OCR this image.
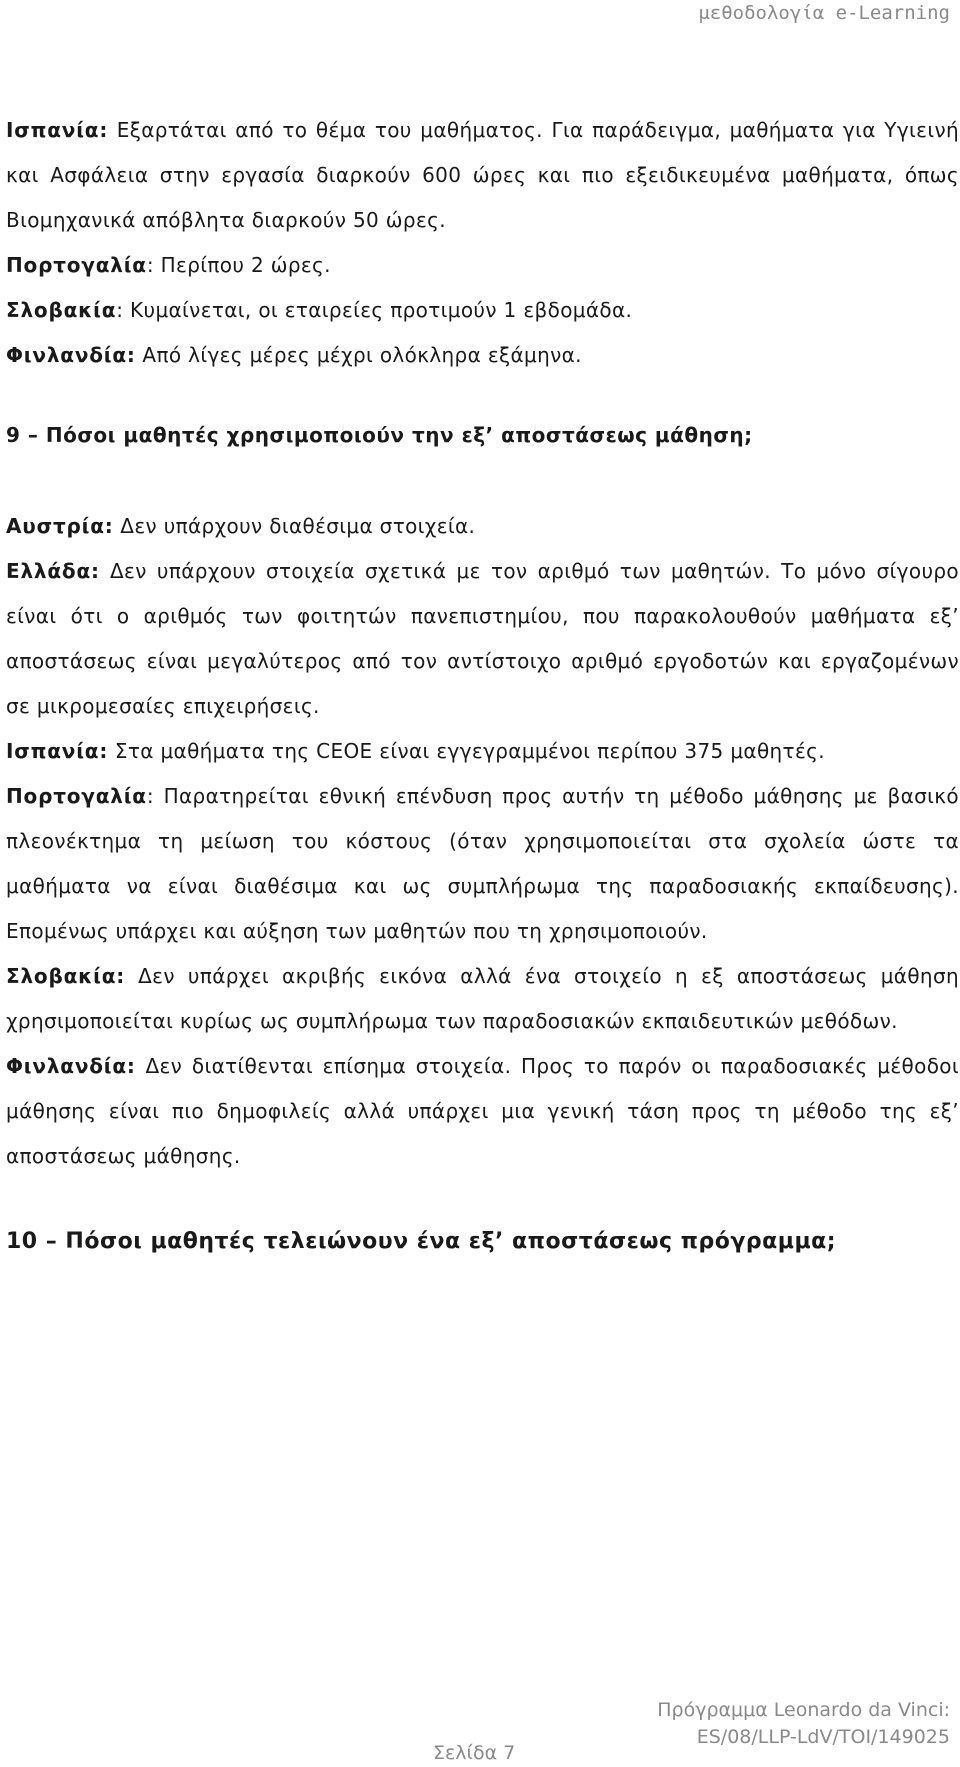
μεθοδολογία e-Learning

Ισπανία: Εξαρτάται από το θέμα του μαθήματος. Για παράδειγμα, μαθήματα για Υγιεινή και Ασφάλεια στην εργασία διαρκούν 600 ώρες και πιο εξειδικευμένα μαθήματα, όπως Βιομηχανικά απόβλητα διαρκούν 50 ώρες.

Πορτογαλία: Περίπου 2 ώρες.

Σλοβακία: Κυμαίνεται, οι εταιρείες προτιμούν 1 εβδομάδα.

Φινλανδία: Από λίγες μέρες μέχρι ολόκληρα εξάμηνα.

9 – Πόσοι μαθητές χρησιμοποιούν την εξ’ αποστάσεως μάθηση;

Αυστρία: Δεν υπάρχουν διαθέσιμα στοιχεία.

Ελλάδα: Δεν υπάρχουν στοιχεία σχετικά με τον αριθμό των μαθητών. Το μόνο σίγουρο είναι ότι ο αριθμός των φοιτητών πανεπιστημίου, που παρακολουθούν μαθήματα εξ’ αποστάσεως είναι μεγαλύτερος από τον αντίστοιχο αριθμό εργοδοτών και εργαζομένων σε μικρομεσαίες επιχειρήσεις.

Ισπανία: Στα μαθήματα της CEOE είναι εγγεγραμμένοι περίπου 375 μαθητές.

Πορτογαλία: Παρατηρείται εθνική επένδυση προς αυτήν τη μέθοδο μάθησης με βασικό πλεονέκτημα τη μείωση του κόστους (όταν χρησιμοποιείται στα σχολεία ώστε τα μαθήματα να είναι διαθέσιμα και ως συμπλήρωμα της παραδοσιακής εκπαίδευσης). Επομένως υπάρχει και αύξηση των μαθητών που τη χρησιμοποιούν.

Σλοβακία: Δεν υπάρχει ακριβής εικόνα αλλά ένα στοιχείο η εξ αποστάσεως μάθηση χρησιμοποιείται κυρίως ως συμπλήρωμα των παραδοσιακών εκπαιδευτικών μεθόδων.

Φινλανδία: Δεν διατίθενται επίσημα στοιχεία. Προς το παρόν οι παραδοσιακές μέθοδοι μάθησης είναι πιο δημοφιλείς αλλά υπάρχει μια γενική τάση προς τη μέθοδο της εξ’ αποστάσεως μάθησης.

10 – Πόσοι μαθητές τελειώνουν ένα εξ’ αποστάσεως πρόγραμμα;

Πρόγραμμα Leonardo da Vinci:
ES/08/LLP-LdV/TOI/149025
Σελίδα 7
